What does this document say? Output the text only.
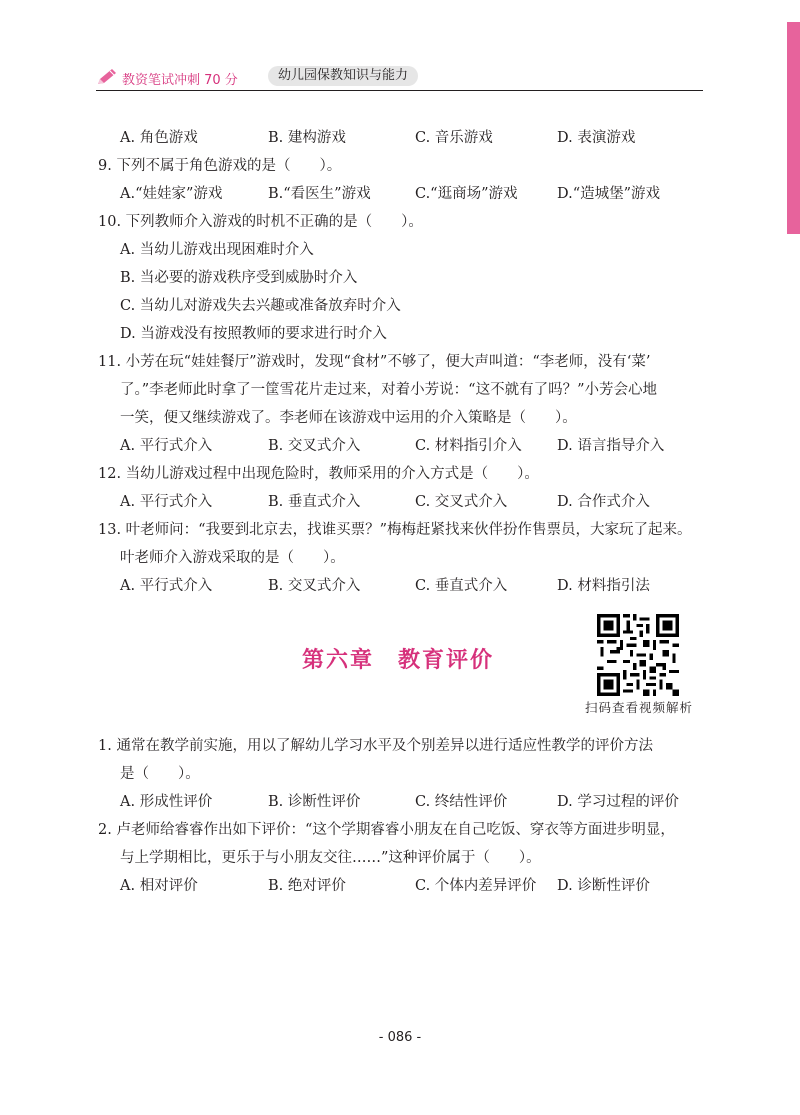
教资笔试冲刺 70 分	幼儿园保教知识与能力
A. 角色游戏	B. 建构游戏	C. 音乐游戏	D. 表演游戏
9. 下列不属于角色游戏的是（　　）。
A.“娃娃家”游戏	B.“看医生”游戏	C.“逛商场”游戏	D.“造城堡”游戏
10. 下列教师介入游戏的时机不正确的是（　　）。
A. 当幼儿游戏出现困难时介入
B. 当必要的游戏秩序受到威胁时介入
C. 当幼儿对游戏失去兴趣或准备放弃时介入
D. 当游戏没有按照教师的要求进行时介入
11. 小芳在玩“娃娃餐厅”游戏时，发现“食材”不够了，便大声叫道：“李老师，没有‘菜’
了。”李老师此时拿了一筐雪花片走过来，对着小芳说：“这不就有了吗？”小芳会心地
一笑，便又继续游戏了。李老师在该游戏中运用的介入策略是（　　）。
A. 平行式介入	B. 交叉式介入	C. 材料指引介入 D. 语言指导介入
12. 当幼儿游戏过程中出现危险时，教师采用的介入方式是（　　）。
A. 平行式介入	B. 垂直式介入	C. 交叉式介入	D. 合作式介入
13. 叶老师问：“我要到北京去，找谁买票？”梅梅赶紧找来伙伴扮作售票员，大家玩了起来。
叶老师介入游戏采取的是（　　）。
A. 平行式介入	B. 交叉式介入	C. 垂直式介入	D. 材料指引法
第六章　教育评价
扫码查看视频解析
1. 通常在教学前实施，用以了解幼儿学习水平及个别差异以进行适应性教学的评价方法
是（　　）。
A. 形成性评价	B. 诊断性评价	C. 终结性评价	D. 学习过程的评价
2. 卢老师给睿睿作出如下评价：“这个学期睿睿小朋友在自己吃饭、穿衣等方面进步明显，
与上学期相比，更乐于与小朋友交往……”这种评价属于（　　）。
A. 相对评价	B. 绝对评价	C. 个体内差异评价 D. 诊断性评价
- 086 -
